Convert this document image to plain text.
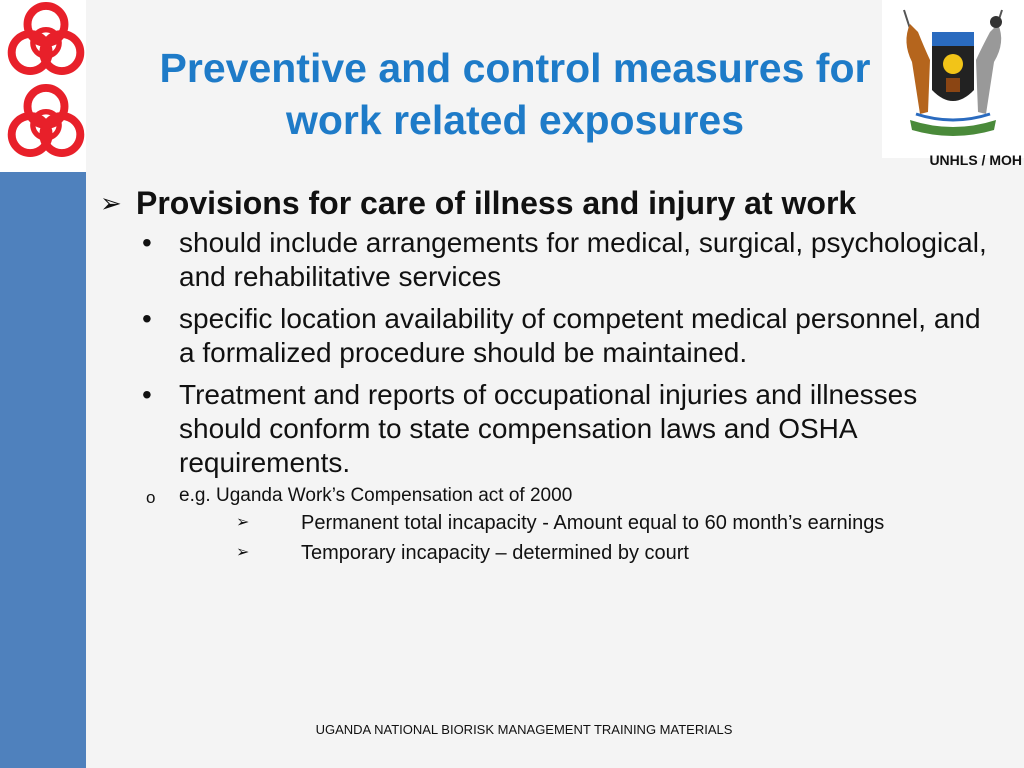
Preventive and control measures for
work related exposures
UNHLS / MOH
➢ Provisions for care of illness and injury at work
• should include arrangements for medical, surgical, psychological, and rehabilitative services
• specific location availability of competent medical personnel, and a formalized procedure should be maintained.
• Treatment and reports of occupational injuries and illnesses should conform to state compensation laws and OSHA requirements.
o e.g. Uganda Work’s Compensation act of 2000
➢	Permanent total incapacity - Amount equal to 60 month’s earnings
➢	Temporary incapacity – determined by court
UGANDA NATIONAL BIORISK MANAGEMENT TRAINING MATERIALS
